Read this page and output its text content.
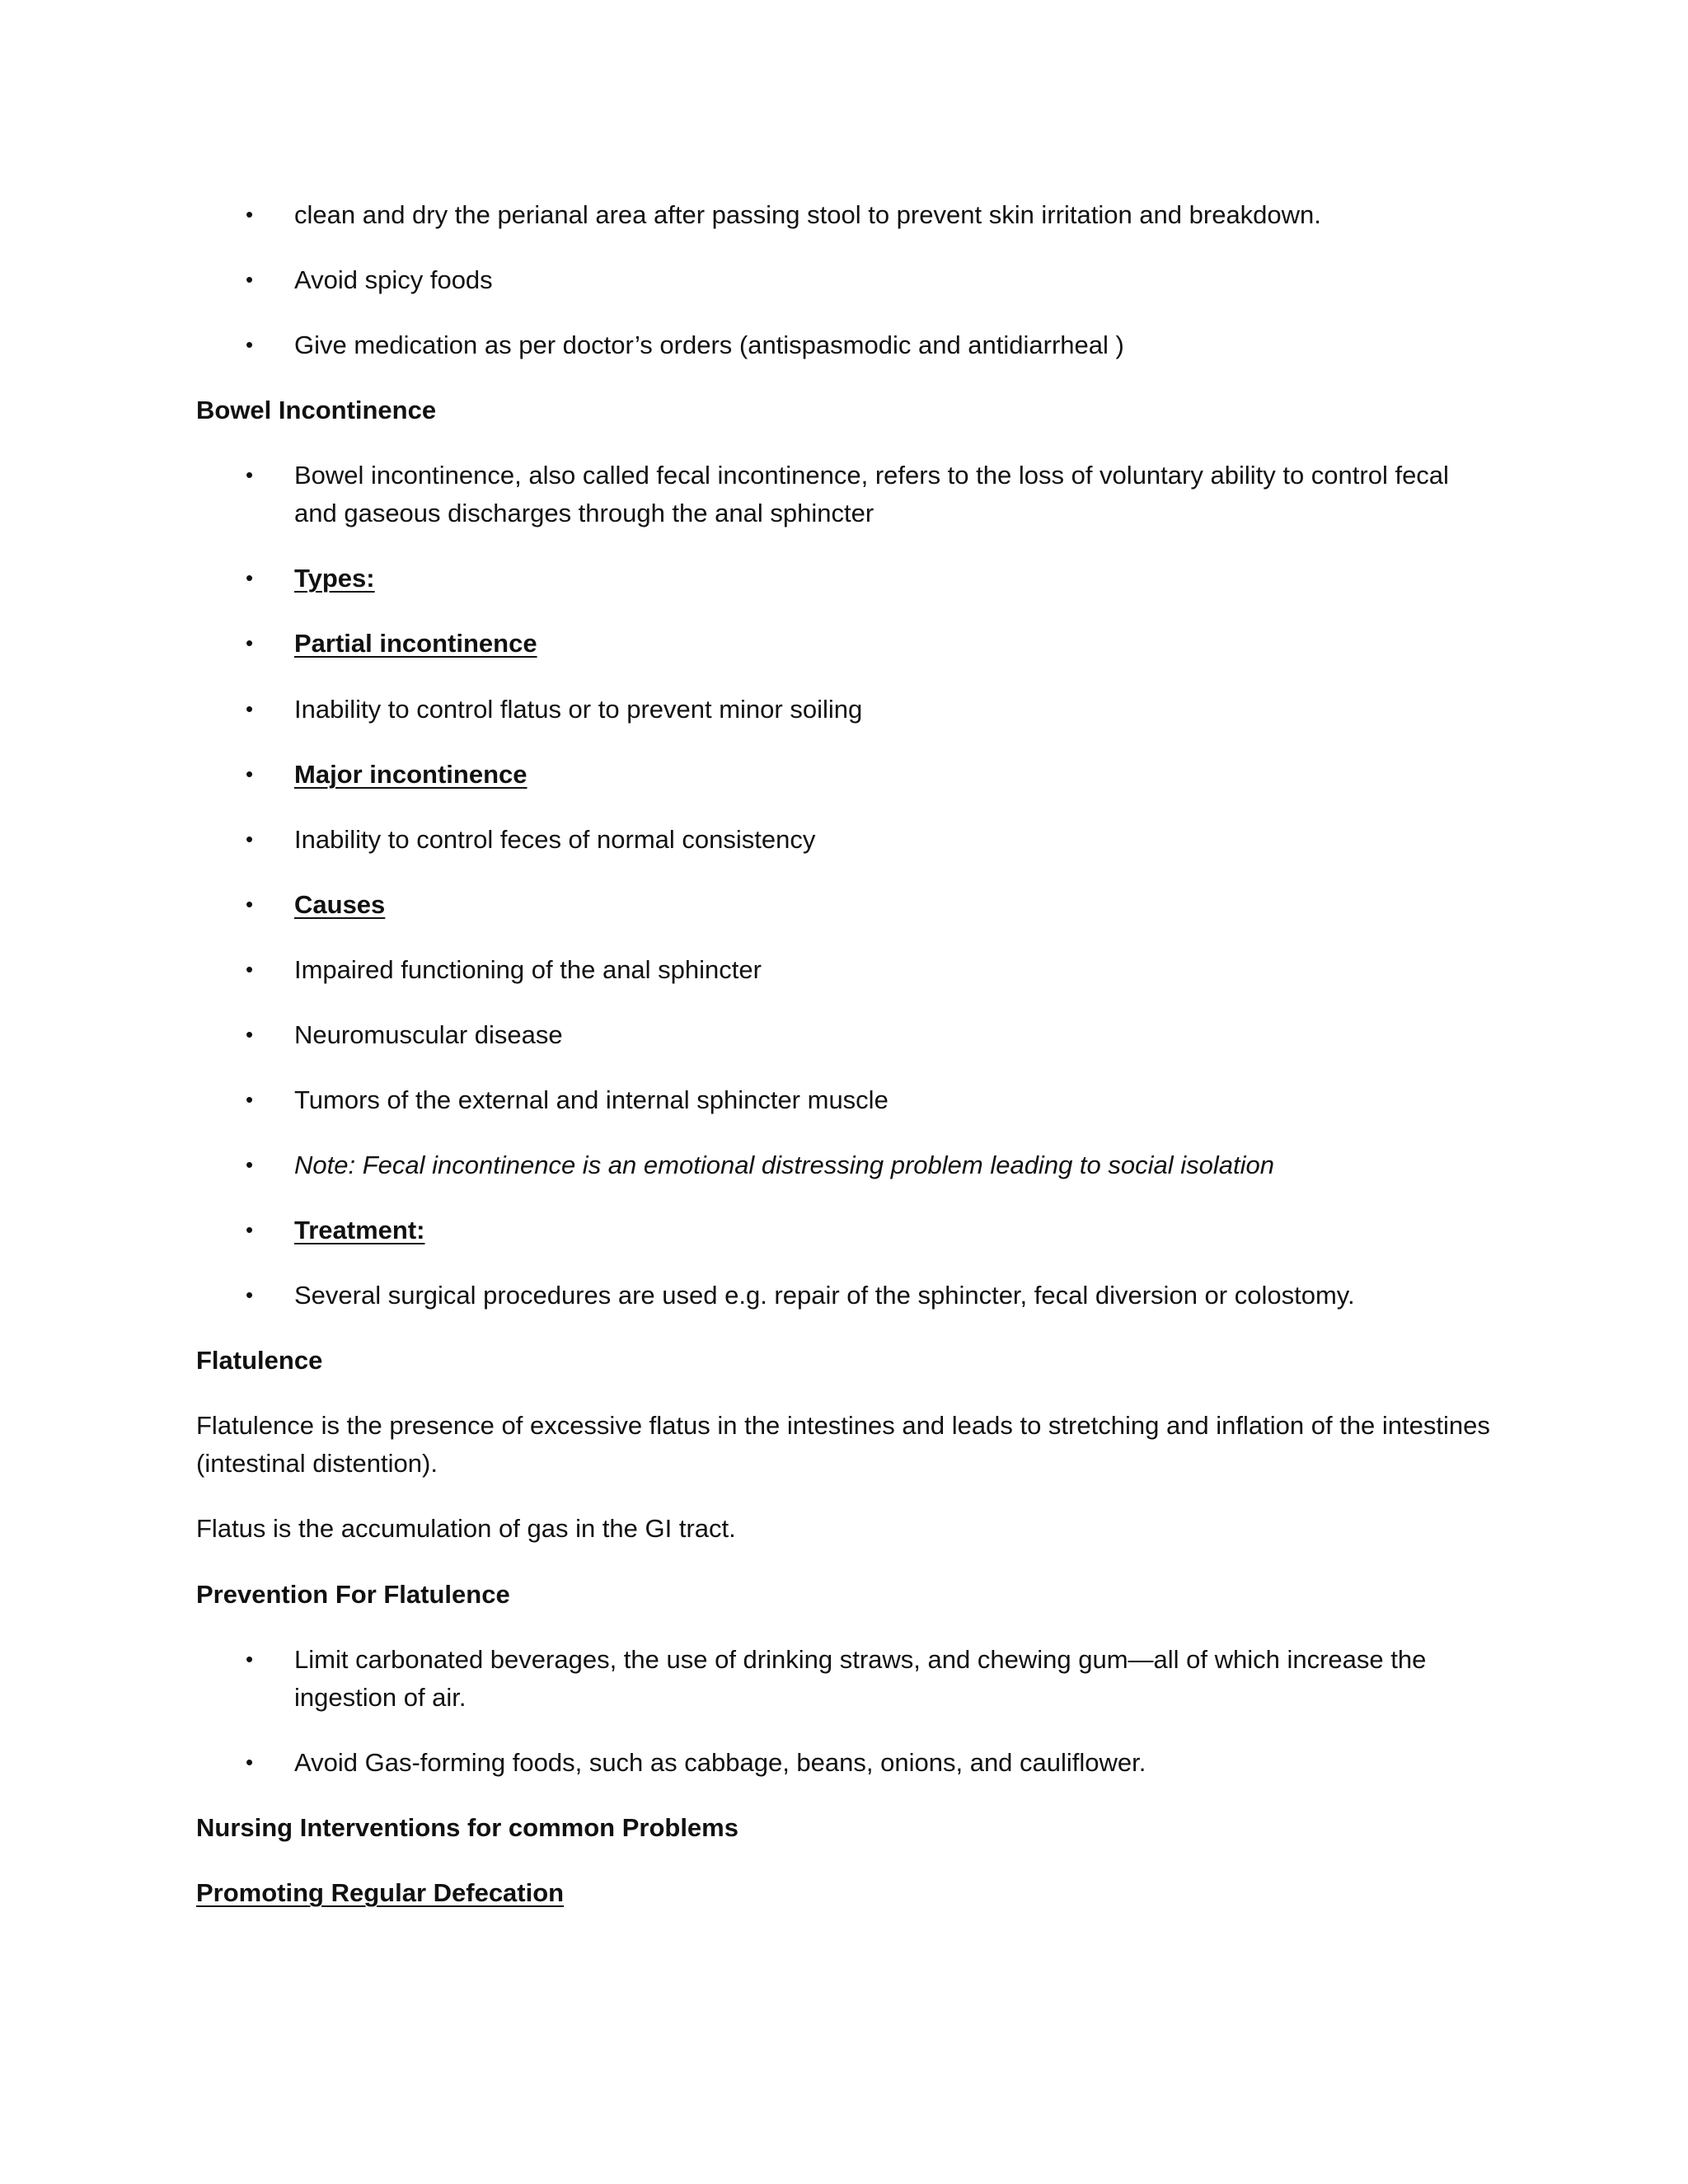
• clean and dry the perianal area after passing stool to prevent skin irritation and breakdown.
• Avoid spicy foods
• Give medication as per doctor’s orders (antispasmodic and antidiarrheal )
Bowel Incontinence
• Bowel incontinence, also called fecal incontinence, refers to the loss of voluntary ability to control fecal
and gaseous discharges through the anal sphincter
• Types:
• Partial incontinence
• Inability to control flatus or to prevent minor soiling
• Major incontinence
• Inability to control feces of normal consistency
• Causes
• Impaired functioning of the anal sphincter
• Neuromuscular disease
• Tumors of the external and internal sphincter muscle
• Note: Fecal incontinence is an emotional distressing problem leading to social isolation
• Treatment:
• Several surgical procedures are used e.g. repair of the sphincter, fecal diversion or colostomy.
Flatulence
Flatulence is the presence of excessive flatus in the intestines and leads to stretching and inflation of the intestines
(intestinal distention).
Flatus is the accumulation of gas in the GI tract.
Prevention For Flatulence
• Limit carbonated beverages, the use of drinking straws, and chewing gum—all of which increase the
ingestion of air.
• Avoid Gas-forming foods, such as cabbage, beans, onions, and cauliflower.
Nursing Interventions for common Problems
Promoting Regular Defecation
